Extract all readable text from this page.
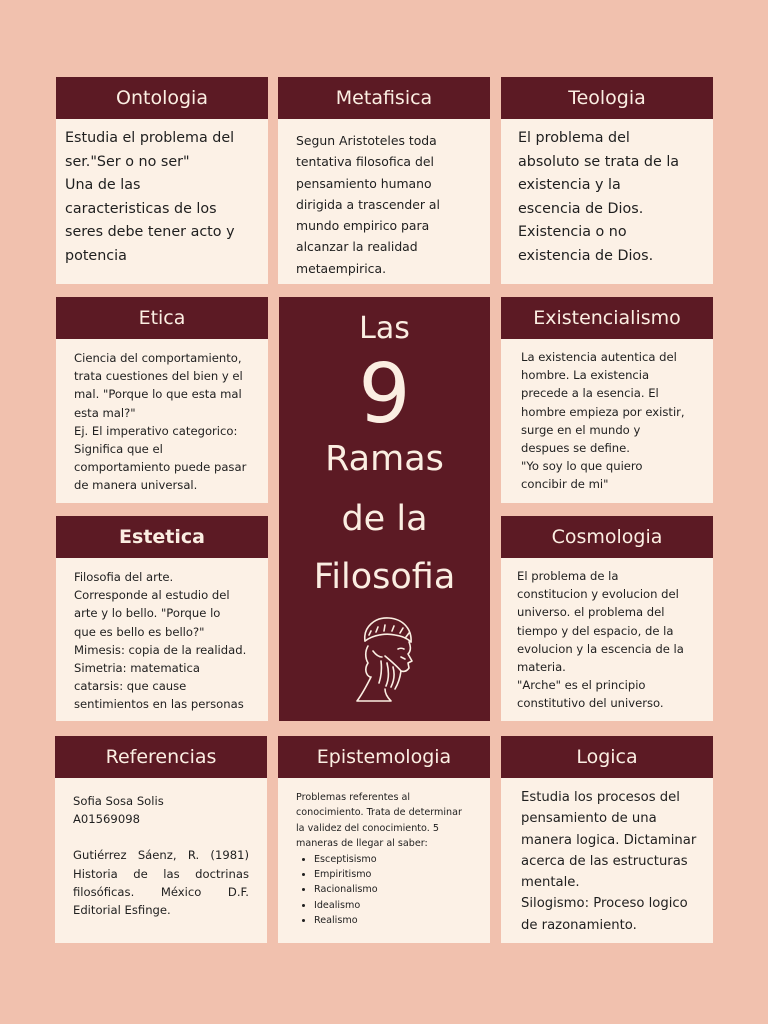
Ontologia
Estudia el problema del
ser."Ser o no ser"
Una de las
caracteristicas de los
seres debe tener acto y
potencia
Metafisica
Segun Aristoteles toda
tentativa filosofica del
pensamiento humano
dirigida a trascender al
mundo empirico para
alcanzar la realidad
metaempirica.
Teologia
El problema del
absoluto se trata de la
existencia y la
escencia de Dios.
Existencia o no
existencia de Dios.
Etica
Ciencia del comportamiento,
trata cuestiones del bien y el
mal. "Porque lo que esta mal
esta mal?"
Ej. El imperativo categorico:
Significa que el
comportamiento puede pasar
de manera universal.
Las
9
Ramas
de la
Filosofia
Existencialismo
La existencia autentica del
hombre. La existencia
precede a la esencia. El
hombre empieza por existir,
surge en el mundo y
despues se define.
"Yo soy lo que quiero
concibir de mi"
Estetica
Filosofia del arte.
Corresponde al estudio del
arte y lo bello. "Porque lo
que es bello es bello?"
Mimesis: copia de la realidad.
Simetria: matematica
catarsis: que cause
sentimientos en las personas
Cosmologia
El problema de la
constitucion y evolucion del
universo. el problema del
tiempo y del espacio, de la
evolucion y la escencia de la
materia.
"Arche" es el principio
constitutivo del universo.
Referencias
Sofia Sosa Solis
A01569098
Gutiérrez Sáenz, R. (1981) Historia de las doctrinas filosóficas. México D.F. Editorial Esfinge.
Epistemologia
Problemas referentes al
conocimiento. Trata de determinar
la validez del conocimiento. 5
maneras de llegar al saber:
• Esceptisismo
• Empiritismo
• Racionalismo
• Idealismo
• Realismo
Logica
Estudia los procesos del
pensamiento de una
manera logica. Dictaminar
acerca de las estructuras
mentale.
Silogismo: Proceso logico
de razonamiento.
